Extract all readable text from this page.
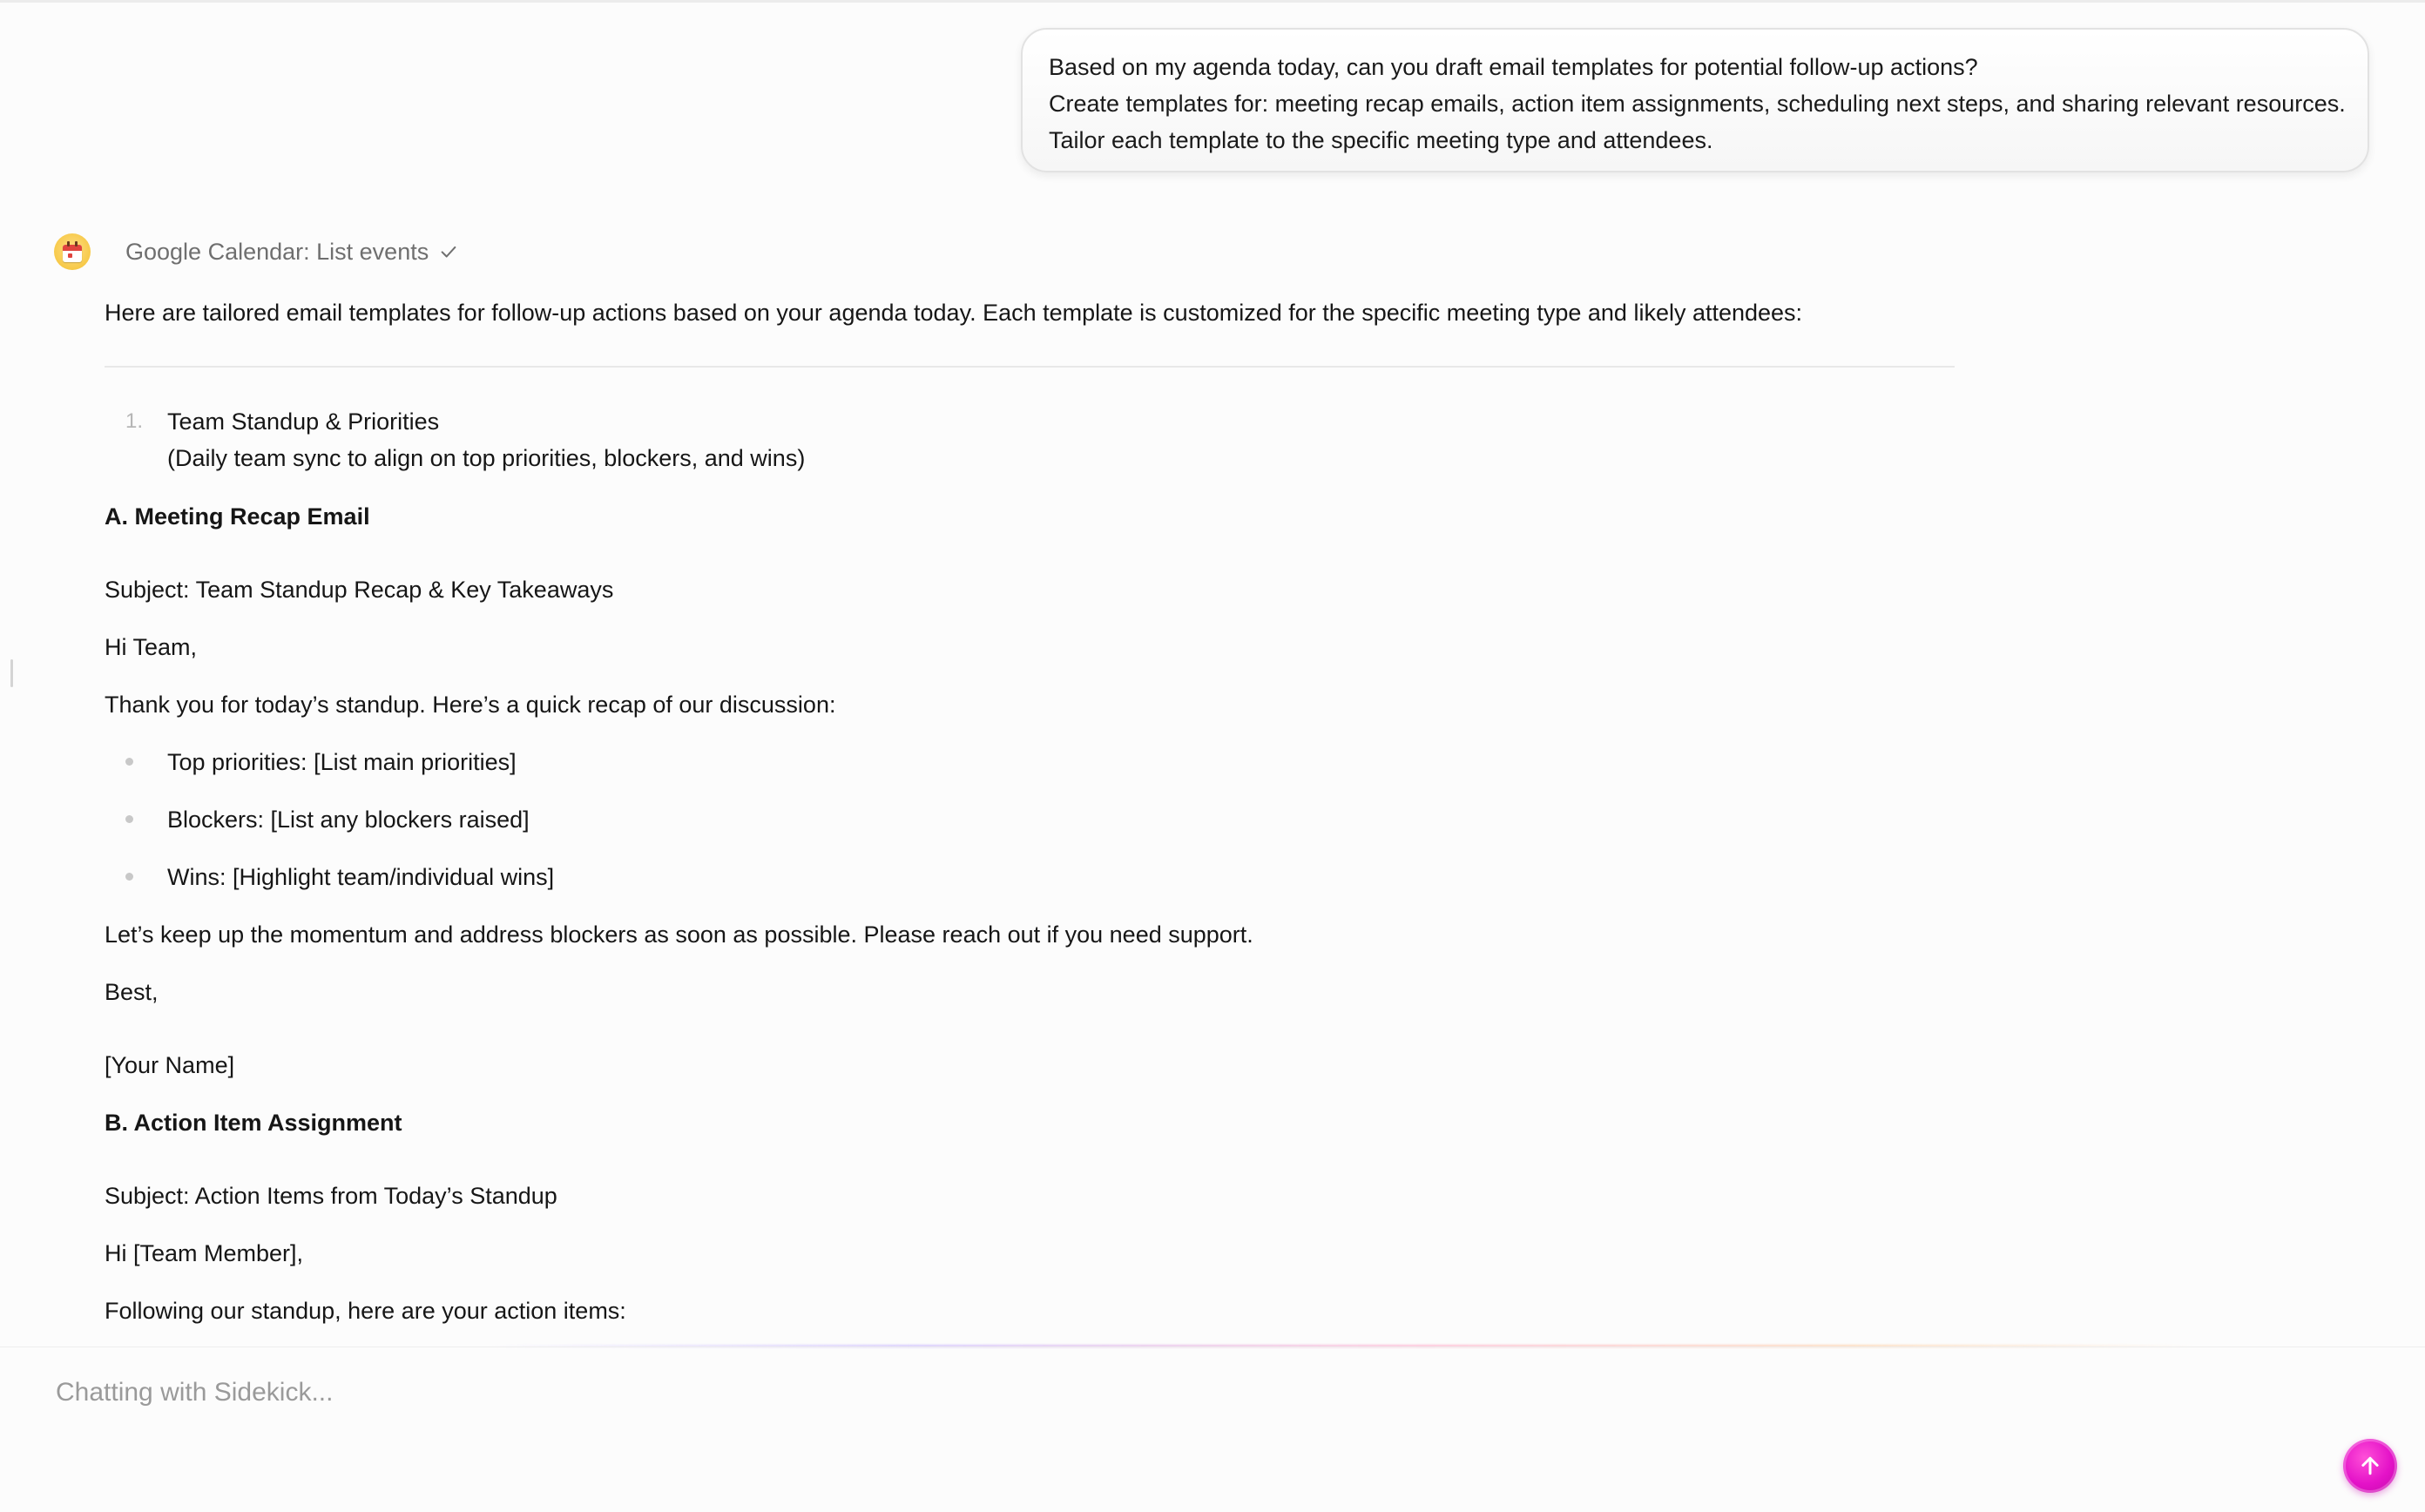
Based on my agenda today, can you draft email templates for potential follow-up actions?
Create templates for: meeting recap emails, action item assignments, scheduling next steps, and sharing relevant resources.
Tailor each template to the specific meeting type and attendees.
Google Calendar: List events
Here are tailored email templates for follow-up actions based on your agenda today. Each template is customized for the specific meeting type and likely attendees:
1. Team Standup & Priorities
(Daily team sync to align on top priorities, blockers, and wins)
A. Meeting Recap Email
Subject: Team Standup Recap & Key Takeaways
Hi Team,
Thank you for today’s standup. Here’s a quick recap of our discussion:
Top priorities: [List main priorities]
Blockers: [List any blockers raised]
Wins: [Highlight team/individual wins]
Let’s keep up the momentum and address blockers as soon as possible. Please reach out if you need support.
Best,
[Your Name]
B. Action Item Assignment
Subject: Action Items from Today’s Standup
Hi [Team Member],
Following our standup, here are your action items:
Chatting with Sidekick...
